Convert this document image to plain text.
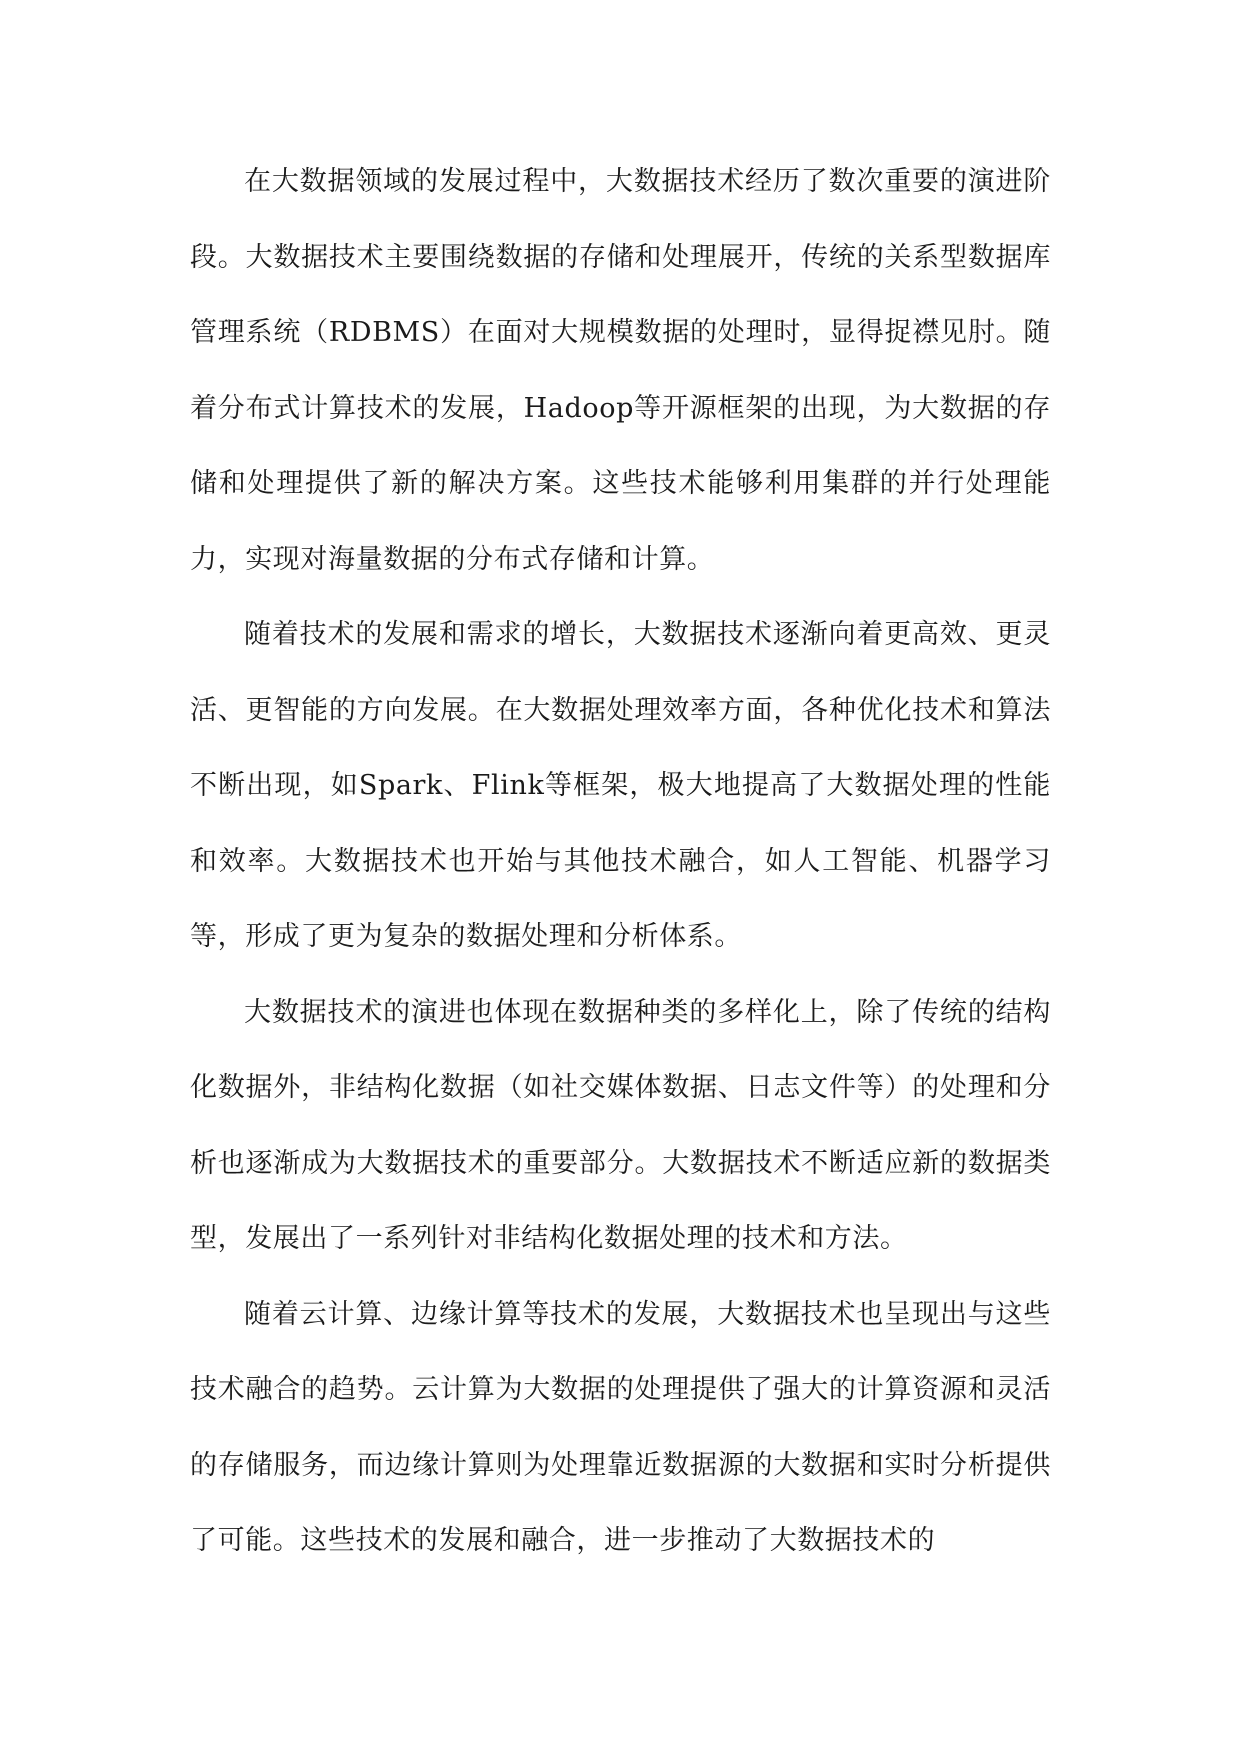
在大数据领域的发展过程中，大数据技术经历了数次重要的演进阶段。大数据技术主要围绕数据的存储和处理展开，传统的关系型数据库管理系统（RDBMS）在面对大规模数据的处理时，显得捉襟见肘。随着分布式计算技术的发展，Hadoop等开源框架的出现，为大数据的存储和处理提供了新的解决方案。这些技术能够利用集群的并行处理能力，实现对海量数据的分布式存储和计算。

随着技术的发展和需求的增长，大数据技术逐渐向着更高效、更灵活、更智能的方向发展。在大数据处理效率方面，各种优化技术和算法不断出现，如Spark、Flink等框架，极大地提高了大数据处理的性能和效率。大数据技术也开始与其他技术融合，如人工智能、机器学习等，形成了更为复杂的数据处理和分析体系。

大数据技术的演进也体现在数据种类的多样化上，除了传统的结构化数据外，非结构化数据（如社交媒体数据、日志文件等）的处理和分析也逐渐成为大数据技术的重要部分。大数据技术不断适应新的数据类型，发展出了一系列针对非结构化数据处理的技术和方法。

随着云计算、边缘计算等技术的发展，大数据技术也呈现出与这些技术融合的趋势。云计算为大数据的处理提供了强大的计算资源和灵活的存储服务，而边缘计算则为处理靠近数据源的大数据和实时分析提供了可能。这些技术的发展和融合，进一步推动了大数据技术的
